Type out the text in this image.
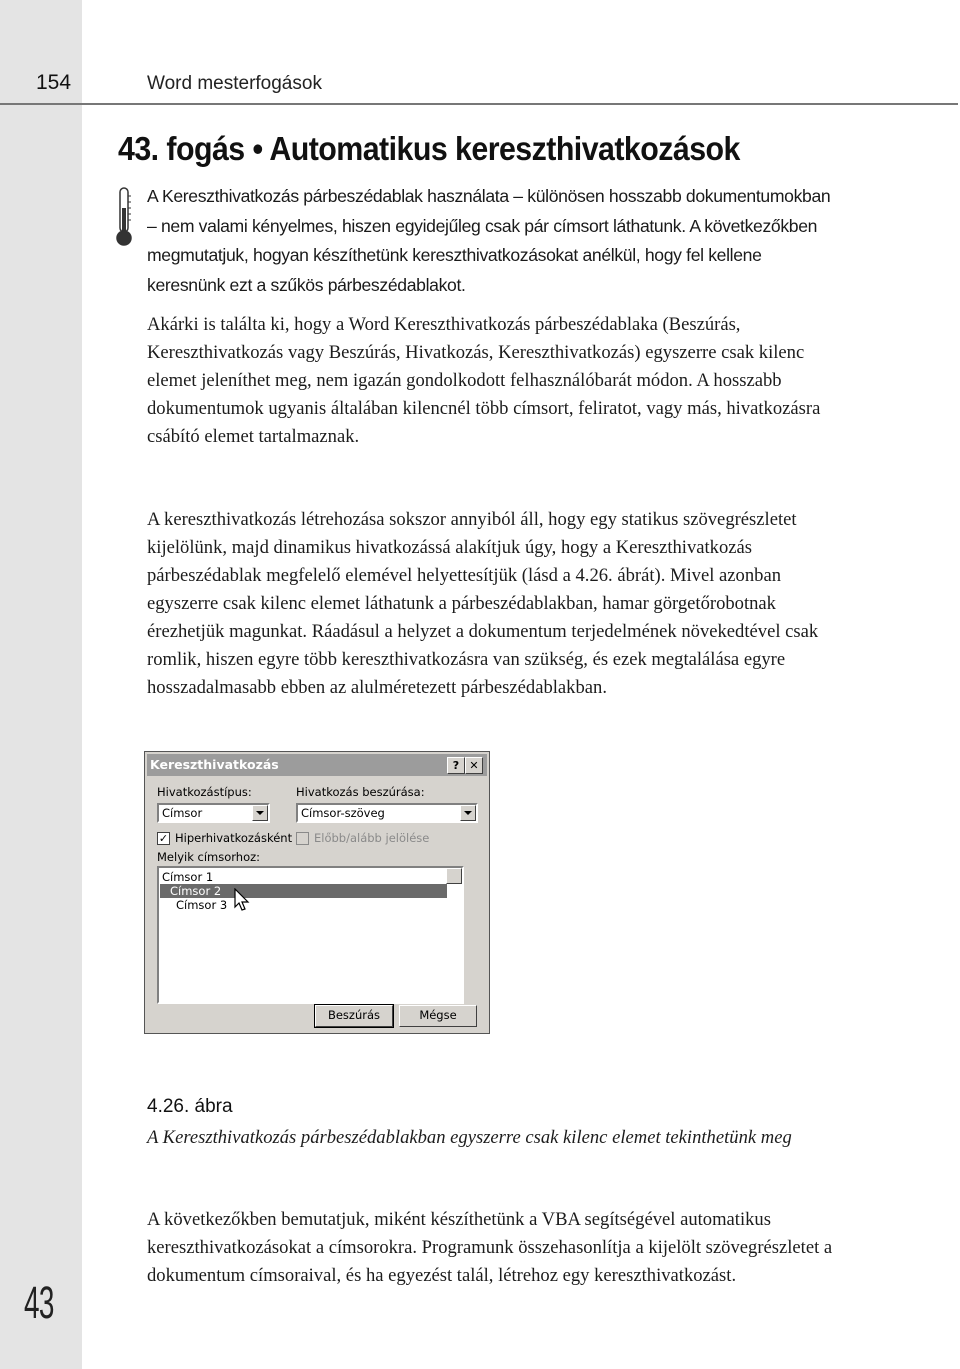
154	Word mesterfogások
43. fogás • Automatikus kereszthivatkozások

A Kereszthivatkozás párbeszédablak használata – különösen hosszabb dokumentumokban – nem valami kényelmes, hiszen egyidejűleg csak pár címsort láthatunk. A következőkben megmutatjuk, hogyan készíthetünk kereszthivatkozásokat anélkül, hogy fel kellene keresnünk ezt a szűkös párbeszédablakot.

Akárki is találta ki, hogy a Word Kereszthivatkozás párbeszédablaka (Beszúrás, Kereszthivatkozás vagy Beszúrás, Hivatkozás, Kereszthivatkozás) egyszerre csak kilenc elemet jeleníthet meg, nem igazán gondolkodott felhasználóbarát módon. A hosszabb dokumentumok ugyanis általában kilencnél több címsort, feliratot, vagy más, hivatkozásra csábító elemet tartalmaznak.

A kereszthivatkozás létrehozása sokszor annyiból áll, hogy egy statikus szövegrészletet kijelölünk, majd dinamikus hivatkozássá alakítjuk úgy, hogy a Kereszthivatkozás párbeszédablak megfelelő elemével helyettesítjük (lásd a 4.26. ábrát). Mivel azonban egyszerre csak kilenc elemet láthatunk a párbeszédablakban, hamar görgetőrobotnak érezhetjük magunkat. Ráadásul a helyzet a dokumentum terjedelmének növekedtével csak romlik, hiszen egyre több kereszthivatkozásra van szükség, és ezek megtalálása egyre hosszadalmasabb ebben az alulméretezett párbeszédablakban.

Kereszthivatkozás	? ✕
Hivatkozástípus:
Címsor
Hivatkozás beszúrása:
Címsor-szöveg
✓ Hiperhivatkozásként Előbb/alább jelölése
Melyik címsorhoz:
Címsor 1
Címsor 2
Címsor 3
Beszúrás	Mégse
4.26. ábra

A Kereszthivatkozás párbeszédablakban egyszerre csak kilenc elemet tekinthetünk meg

A következőkben bemutatjuk, miként készíthetünk a VBA segítségével automatikus kereszthivatkozásokat a címsorokra. Programunk összehasonlítja a kijelölt szövegrészletet a dokumentum címsoraival, és ha egyezést talál, létrehoz egy kereszthivatkozást.

43
